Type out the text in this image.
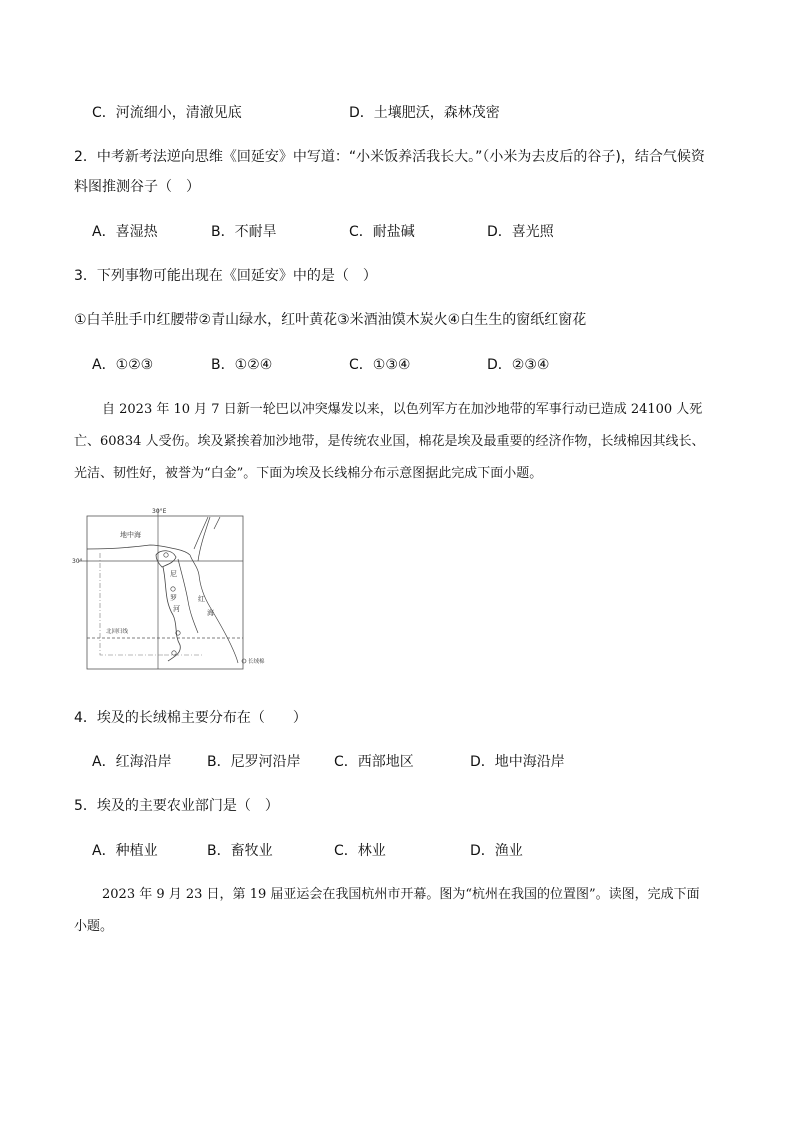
C．河流细小，清澈见底	D．土壤肥沃，森林茂密
2．中考新考法逆向思维《回延安》中写道：“小米饭养活我长大。”（小米为去皮后的谷子)，结合气候资
料图推测谷子（　）
A．喜湿热	B．不耐旱	C．耐盐碱	D．喜光照
3．下列事物可能出现在《回延安》中的是（　）
①白羊肚手巾红腰带②青山绿水，红叶黄花③米酒油馍木炭火④白生生的窗纸红窗花
A．①②③	B．①②④	C．①③④	D．②③④
自 2023 年 10 月 7 日新一轮巴以冲突爆发以来，以色列军方在加沙地带的军事行动已造成 24100 人死
亡、60834 人受伤。埃及紧挨着加沙地带，是传统农业国，棉花是埃及最重要的经济作物，长绒棉因其线长、
光洁、韧性好，被誉为“白金”。下面为埃及长线棉分布示意图据此完成下面小题。
30°E
30°
地中海
尼
罗
河
红
海
北回归线
长绒棉
4．埃及的长绒棉主要分布在（　　）
A．红海沿岸	B．尼罗河沿岸 C．西部地区	D．地中海沿岸
5．埃及的主要农业部门是（　）
A．种植业	B．畜牧业	C．林业	D．渔业
2023 年 9 月 23 日，第 19 届亚运会在我国杭州市开幕。图为“杭州在我国的位置图”。读图，完成下面
小题。
